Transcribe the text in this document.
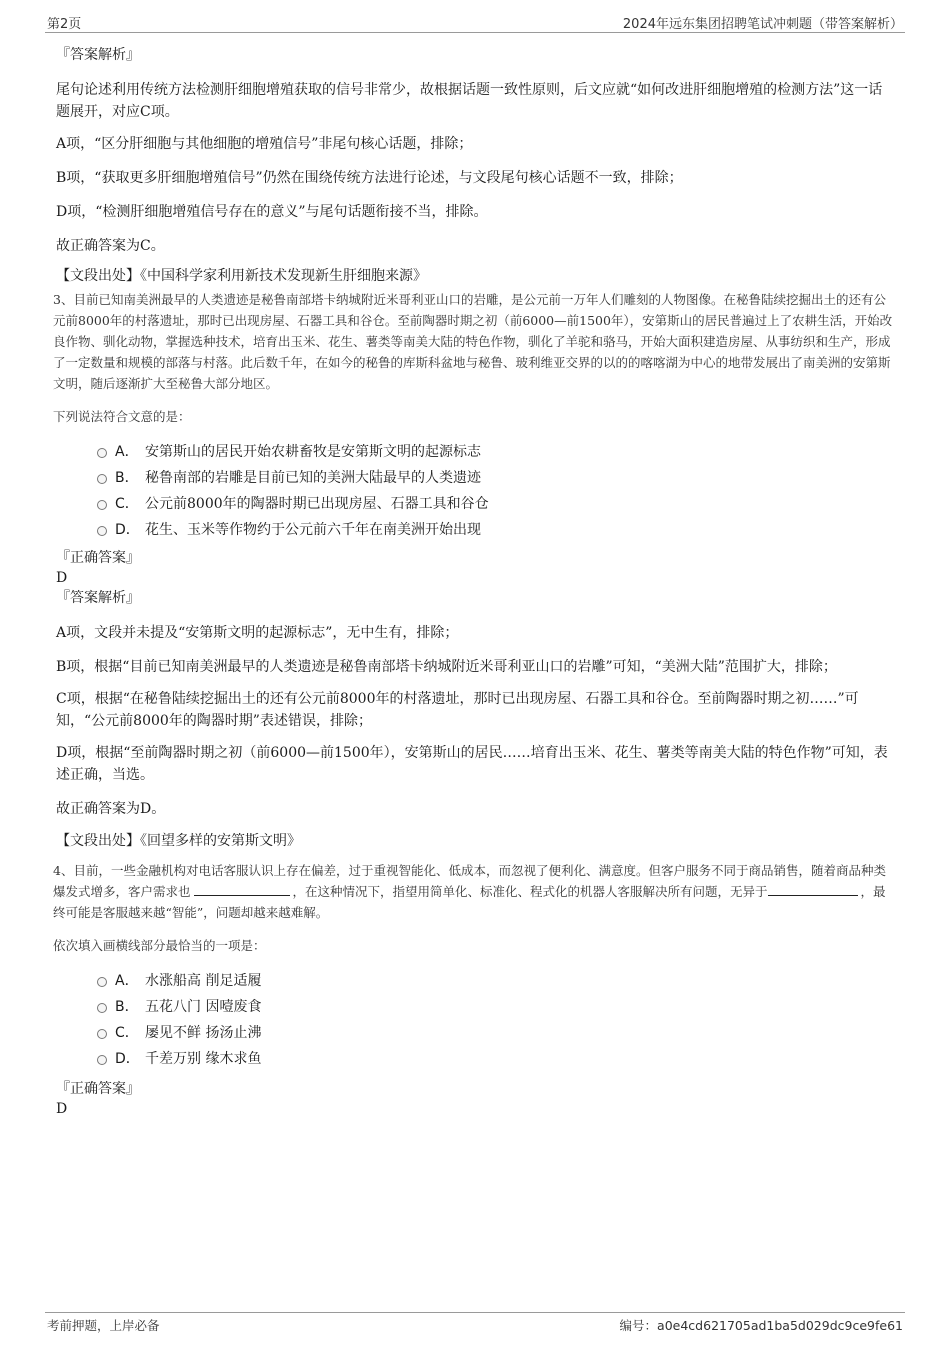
第2页	2024年远东集团招聘笔试冲刺题（带答案解析）

『答案解析』

尾句论述利用传统方法检测肝细胞增殖获取的信号非常少，故根据话题一致性原则，后文应就“如何改进肝细胞增殖的检测方法”这一话题展开，对应C项。

A项，“区分肝细胞与其他细胞的增殖信号”非尾句核心话题，排除；

B项，“获取更多肝细胞增殖信号”仍然在围绕传统方法进行论述，与文段尾句核心话题不一致，排除；

D项，“检测肝细胞增殖信号存在的意义”与尾句话题衔接不当，排除。

故正确答案为C。

【文段出处】《中国科学家利用新技术发现新生肝细胞来源》

3、目前已知南美洲最早的人类遗迹是秘鲁南部塔卡纳城附近米哥利亚山口的岩雕，是公元前一万年人们雕刻的人物图像。在秘鲁陆续挖掘出土的还有公元前8000年的村落遗址，那时已出现房屋、石器工具和谷仓。至前陶器时期之初（前6000—前1500年），安第斯山的居民普遍过上了农耕生活，开始改良作物、驯化动物，掌握选种技术，培育出玉米、花生、薯类等南美大陆的特色作物，驯化了羊驼和骆马，开始大面积建造房屋、从事纺织和生产，形成了一定数量和规模的部落与村落。此后数千年，在如今的秘鲁的库斯科盆地与秘鲁、玻利维亚交界的以的的喀喀湖为中心的地带发展出了南美洲的安第斯文明，随后逐渐扩大至秘鲁大部分地区。

下列说法符合文意的是：

A． 安第斯山的居民开始农耕畜牧是安第斯文明的起源标志
B． 秘鲁南部的岩雕是目前已知的美洲大陆最早的人类遗迹
C． 公元前8000年的陶器时期已出现房屋、石器工具和谷仓
D． 花生、玉米等作物约于公元前六千年在南美洲开始出现

『正确答案』

D

『答案解析』

A项，文段并未提及“安第斯文明的起源标志”，无中生有，排除；

B项，根据“目前已知南美洲最早的人类遗迹是秘鲁南部塔卡纳城附近米哥利亚山口的岩雕”可知，“美洲大陆”范围扩大，排除；

C项，根据“在秘鲁陆续挖掘出土的还有公元前8000年的村落遗址，那时已出现房屋、石器工具和谷仓。至前陶器时期之初……”可知，“公元前8000年的陶器时期”表述错误，排除；

D项，根据“至前陶器时期之初（前6000—前1500年），安第斯山的居民……培育出玉米、花生、薯类等南美大陆的特色作物”可知，表述正确，当选。

故正确答案为D。

【文段出处】《回望多样的安第斯文明》

4、目前，一些金融机构对电话客服认识上存在偏差，过于重视智能化、低成本，而忽视了便利化、满意度。但客户服务不同于商品销售，随着商品种类爆发式增多，客户需求也	，在这种情况下，指望用简单化、标准化、程式化的机器人客服解决所有问题，无异于	，最终可能是客服越来越“智能”，问题却越来越难解。

依次填入画横线部分最恰当的一项是：

A． 水涨船高 削足适履
B． 五花八门 因噎废食
C． 屡见不鲜 扬汤止沸
D． 千差万别 缘木求鱼

『正确答案』

D

考前押题，上岸必备	编号：a0e4cd621705ad1ba5d029dc9ce9fe61
